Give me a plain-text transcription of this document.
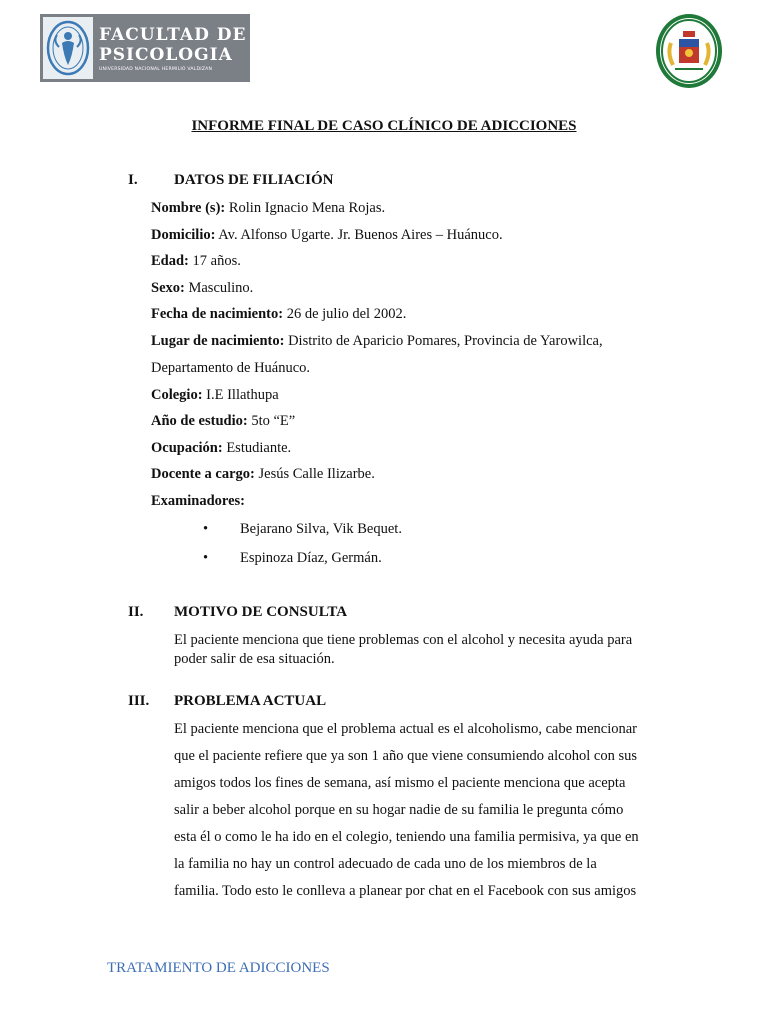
FACULTAD DE
PSICOLOGIA
UNIVERSIDAD NACIONAL HERMILIO VALDIZAN
INFORME FINAL DE CASO CLÍNICO DE ADICCIONES
I. DATOS DE FILIACIÓN
Nombre (s): Rolin Ignacio Mena Rojas.
Domicilio: Av. Alfonso Ugarte. Jr. Buenos Aires – Huánuco.
Edad: 17 años.
Sexo: Masculino.
Fecha de nacimiento: 26 de julio del 2002.
Lugar de nacimiento: Distrito de Aparicio Pomares, Provincia de Yarowilca,
Departamento de Huánuco.
Colegio: I.E Illathupa
Año de estudio: 5to “E”
Ocupación: Estudiante.
Docente a cargo: Jesús Calle Ilizarbe.
Examinadores:
• Bejarano Silva, Vik Bequet.
• Espinoza Díaz, Germán.
II. MOTIVO DE CONSULTA
El paciente menciona que tiene problemas con el alcohol y necesita ayuda para
poder salir de esa situación.
III. PROBLEMA ACTUAL
El paciente menciona que el problema actual es el alcoholismo, cabe mencionar
que el paciente refiere que ya son 1 año que viene consumiendo alcohol con sus
amigos todos los fines de semana, así mismo el paciente menciona que acepta
salir a beber alcohol porque en su hogar nadie de su familia le pregunta cómo
esta él o como le ha ido en el colegio, teniendo una familia permisiva, ya que en
la familia no hay un control adecuado de cada uno de los miembros de la
familia. Todo esto le conlleva a planear por chat en el Facebook con sus amigos
TRATAMIENTO DE ADICCIONES
